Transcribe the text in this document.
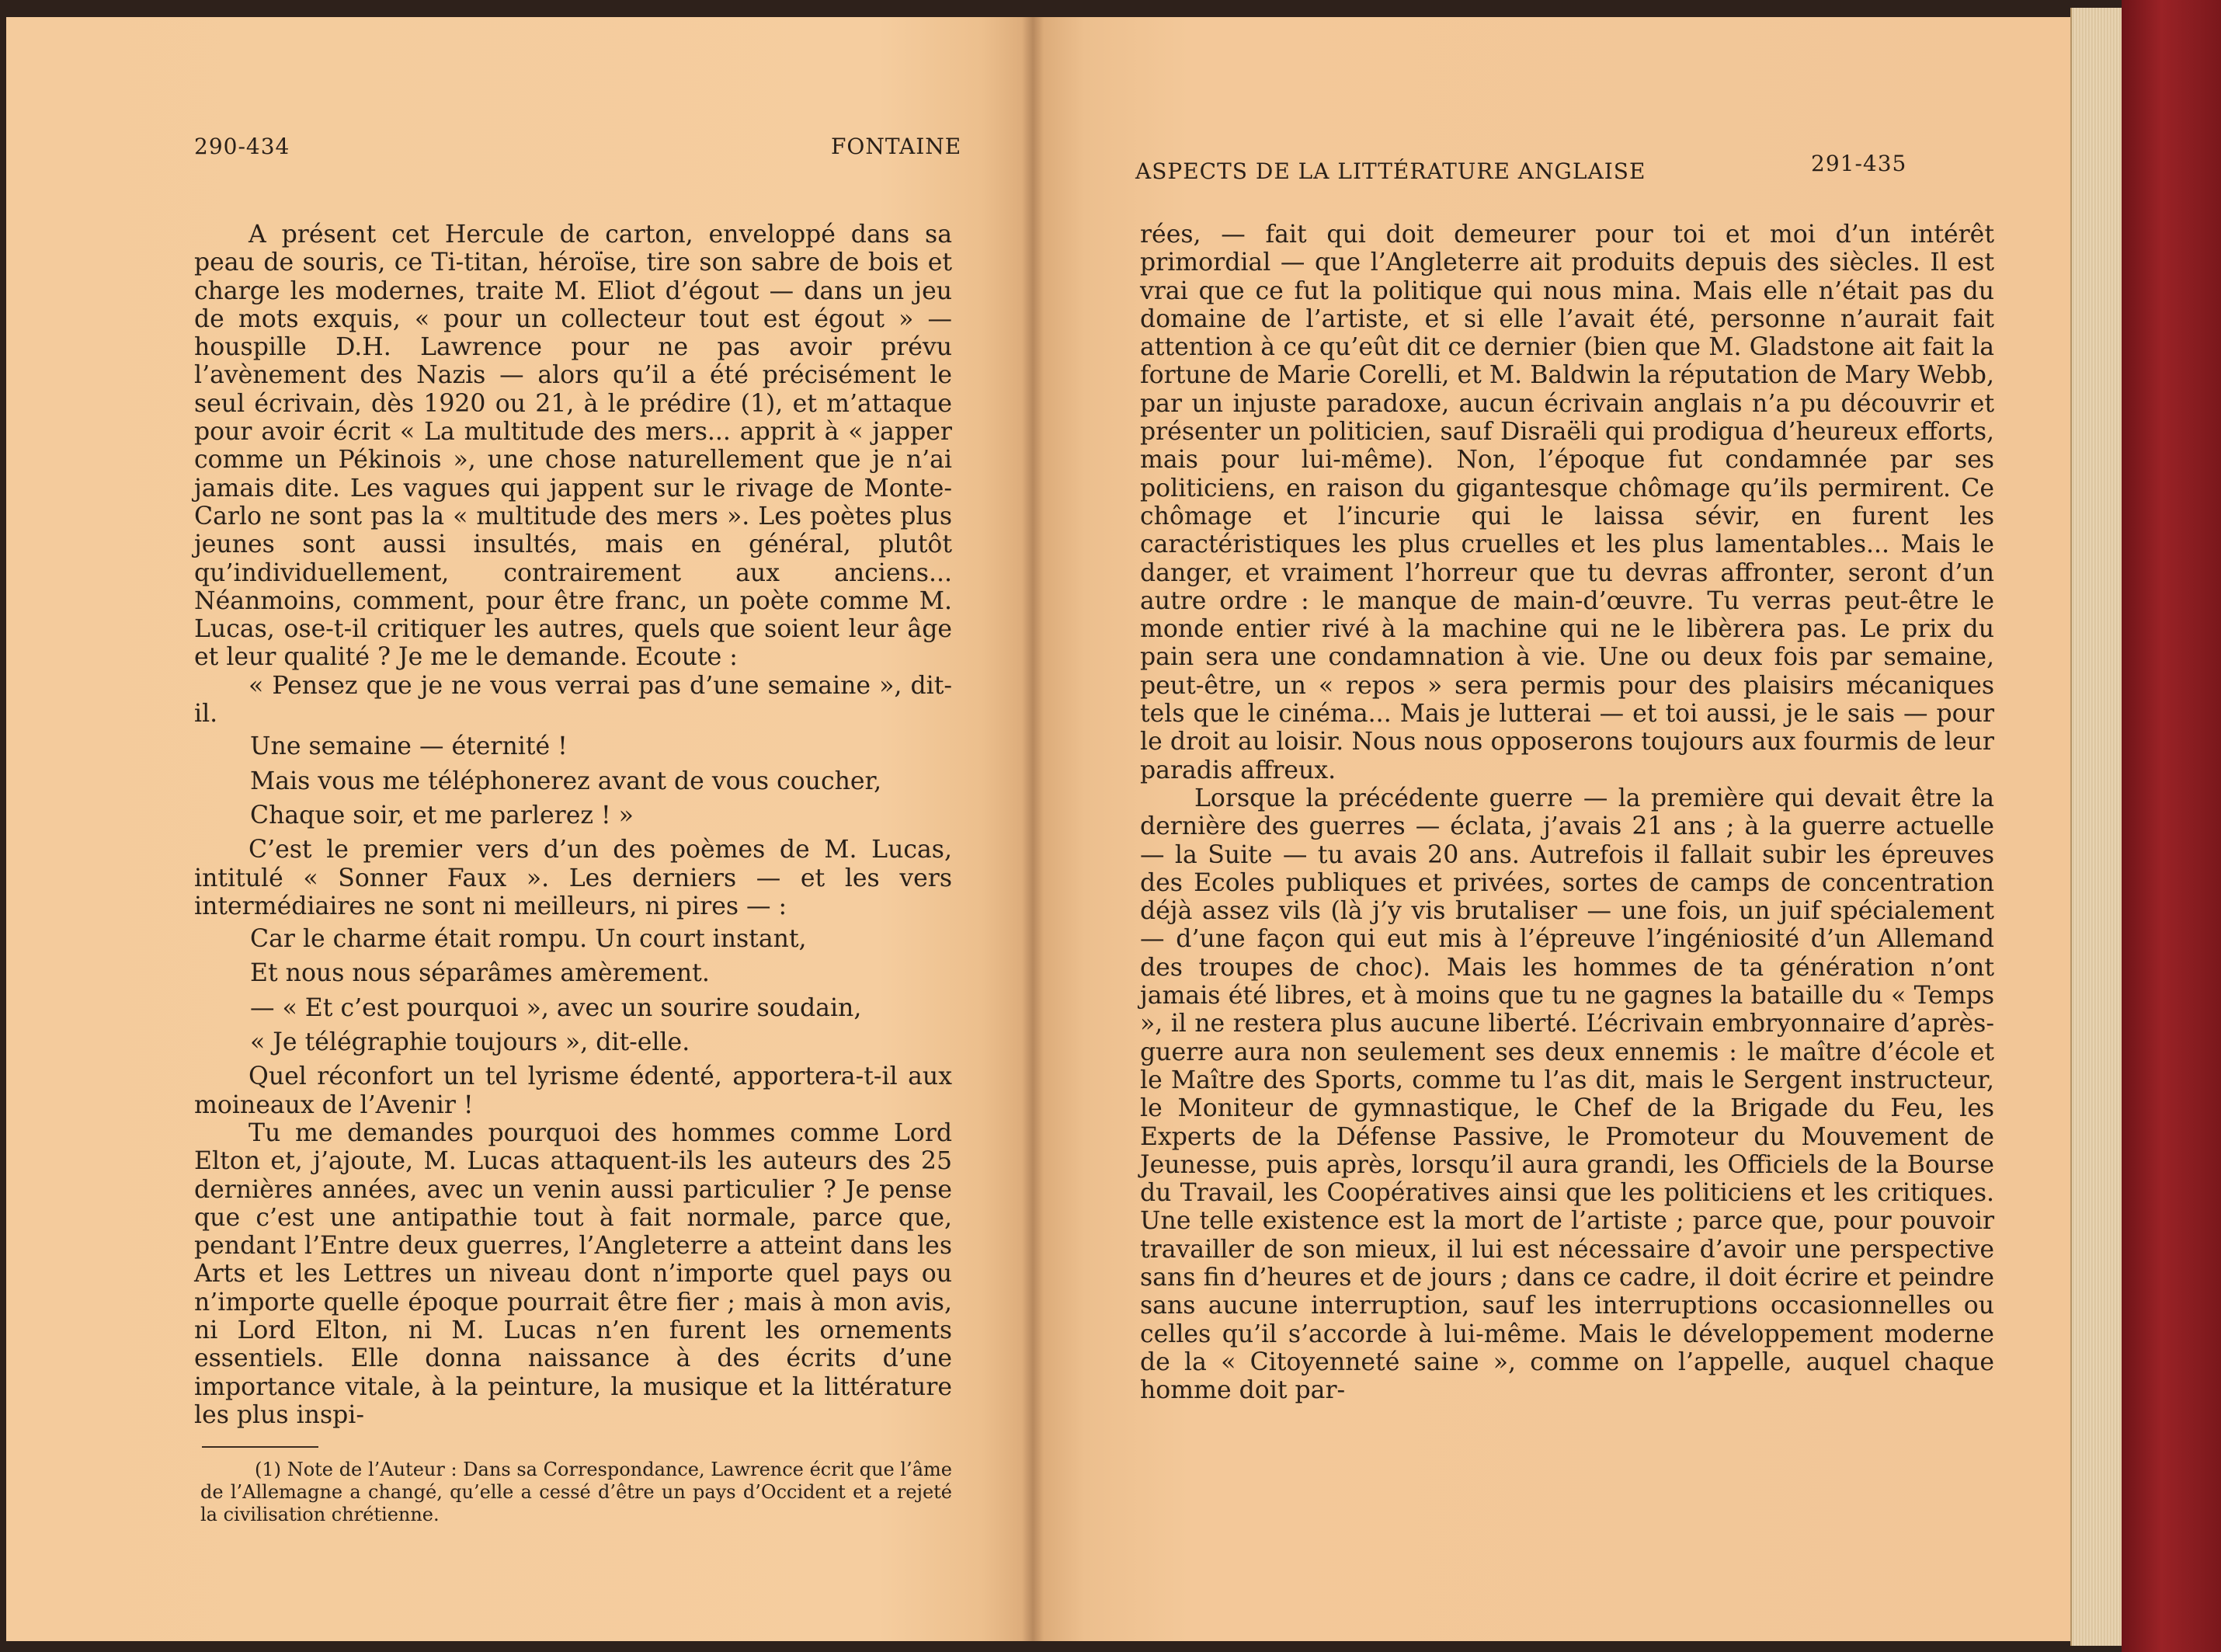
290-434	FONTAINE

A présent cet Hercule de carton, enveloppé dans sa peau de souris, ce Ti-titan, héroïse, tire son sabre de bois et charge les modernes, traite M. Eliot d’égout — dans un jeu de mots exquis, « pour un collecteur tout est égout » — houspille D.H. Lawrence pour ne pas avoir prévu l’avènement des Nazis — alors qu’il a été précisément le seul écrivain, dès 1920 ou 21, à le prédire (1), et m’attaque pour avoir écrit « La multitude des mers... apprit à « japper comme un Pékinois », une chose naturellement que je n’ai jamais dite. Les vagues qui jappent sur le rivage de Monte-Carlo ne sont pas la « multitude des mers ». Les poètes plus jeunes sont aussi insultés, mais en général, plutôt qu’individuellement, contrairement aux anciens... Néanmoins, comment, pour être franc, un poète comme M. Lucas, ose-t-il critiquer les autres, quels que soient leur âge et leur qualité ? Je me le demande. Ecoute :

« Pensez que je ne vous verrai pas d’une semaine », dit-il.

Une semaine — éternité !

Mais vous me téléphonerez avant de vous coucher,

Chaque soir, et me parlerez ! »

C’est le premier vers d’un des poèmes de M. Lucas, intitulé « Sonner Faux ». Les derniers — et les vers intermédiaires ne sont ni meilleurs, ni pires — :

Car le charme était rompu. Un court instant,

Et nous nous séparâmes amèrement.

— « Et c’est pourquoi », avec un sourire soudain,

« Je télégraphie toujours », dit-elle.

Quel réconfort un tel lyrisme édenté, apportera-t-il aux moineaux de l’Avenir !

Tu me demandes pourquoi des hommes comme Lord Elton et, j’ajoute, M. Lucas attaquent-ils les auteurs des 25 dernières années, avec un venin aussi particulier ? Je pense que c’est une antipathie tout à fait normale, parce que, pendant l’Entre deux guerres, l’Angleterre a atteint dans les Arts et les Lettres un niveau dont n’importe quel pays ou n’importe quelle époque pourrait être fier ; mais à mon avis, ni Lord Elton, ni M. Lucas n’en furent les ornements essentiels. Elle donna naissance à des écrits d’une importance vitale, à la peinture, la musique et la littérature les plus inspi-

(1) Note de l’Auteur : Dans sa Correspondance, Lawrence écrit que l’âme de l’Allemagne a changé, qu’elle a cessé d’être un pays d’Occident et a rejeté la civilisation chrétienne.

ASPECTS DE LA LITTÉRATURE ANGLAISE	291-435

rées, — fait qui doit demeurer pour toi et moi d’un intérêt primordial — que l’Angleterre ait produits depuis des siècles. Il est vrai que ce fut la politique qui nous mina. Mais elle n’était pas du domaine de l’artiste, et si elle l’avait été, personne n’aurait fait attention à ce qu’eût dit ce dernier (bien que M. Gladstone ait fait la fortune de Marie Corelli, et M. Baldwin la réputation de Mary Webb, par un injuste paradoxe, aucun écrivain anglais n’a pu découvrir et présenter un politicien, sauf Disraëli qui prodigua d’heureux efforts, mais pour lui-même). Non, l’époque fut condamnée par ses politiciens, en raison du gigantesque chômage qu’ils permirent. Ce chômage et l’incurie qui le laissa sévir, en furent les caractéristiques les plus cruelles et les plus lamentables... Mais le danger, et vraiment l’horreur que tu devras affronter, seront d’un autre ordre : le manque de main-d’œuvre. Tu verras peut-être le monde entier rivé à la machine qui ne le libèrera pas. Le prix du pain sera une condamnation à vie. Une ou deux fois par semaine, peut-être, un « repos » sera permis pour des plaisirs mécaniques tels que le cinéma... Mais je lutterai — et toi aussi, je le sais — pour le droit au loisir. Nous nous opposerons toujours aux fourmis de leur paradis affreux.

Lorsque la précédente guerre — la première qui devait être la dernière des guerres — éclata, j’avais 21 ans ; à la guerre actuelle — la Suite — tu avais 20 ans. Autrefois il fallait subir les épreuves des Ecoles publiques et privées, sortes de camps de concentration déjà assez vils (là j’y vis brutaliser — une fois, un juif spécialement — d’une façon qui eut mis à l’épreuve l’ingéniosité d’un Allemand des troupes de choc). Mais les hommes de ta génération n’ont jamais été libres, et à moins que tu ne gagnes la bataille du « Temps », il ne restera plus aucune liberté. L’écrivain embryonnaire d’après-guerre aura non seulement ses deux ennemis : le maître d’école et le Maître des Sports, comme tu l’as dit, mais le Sergent instructeur, le Moniteur de gymnastique, le Chef de la Brigade du Feu, les Experts de la Défense Passive, le Promoteur du Mouvement de Jeunesse, puis après, lorsqu’il aura grandi, les Officiels de la Bourse du Travail, les Coopératives ainsi que les politiciens et les critiques. Une telle existence est la mort de l’artiste ; parce que, pour pouvoir travailler de son mieux, il lui est nécessaire d’avoir une perspective sans fin d’heures et de jours ; dans ce cadre, il doit écrire et peindre sans aucune interruption, sauf les interruptions occasionnelles ou celles qu’il s’accorde à lui-même. Mais le développement moderne de la « Citoyenneté saine », comme on l’appelle, auquel chaque homme doit par-
